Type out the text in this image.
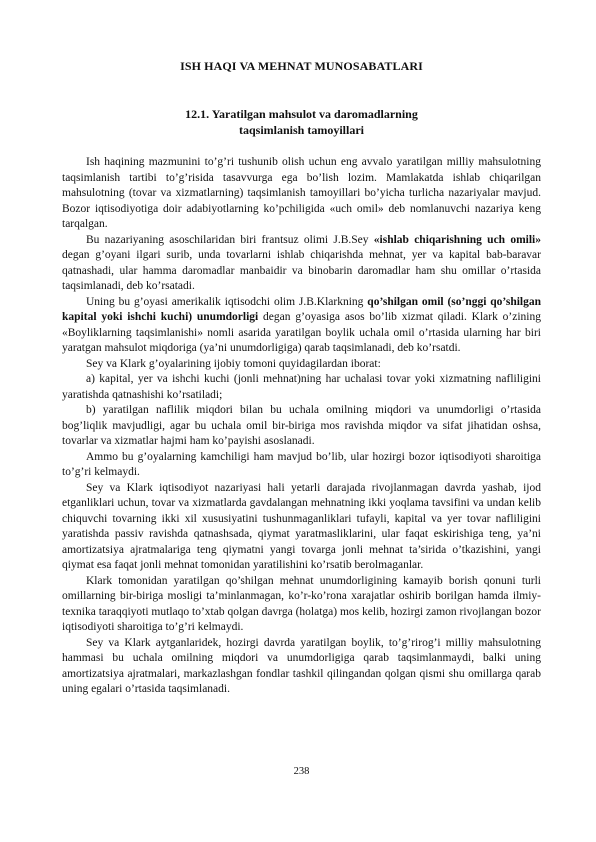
ISH HAQI VA MEHNAT MUNOSABATLARI
12.1. Yaratilgan mahsulot va daromadlarning
taqsimlanish tamoyillari

Ish haqining mazmunini to’g’ri tushunib olish uchun eng avvalo yaratilgan milliy mahsulotning taqsimlanish tartibi to’g’risida tasavvurga ega bo’lish lozim. Mamlakatda ishlab chiqarilgan mahsulotning (tovar va xizmatlarning) taqsimlanish tamoyillari bo’yicha turlicha nazariyalar mavjud. Bozor iqtisodiyotiga doir adabiyotlarning ko’pchiligida «uch omil» deb nomlanuvchi nazariya keng tarqalgan.

Bu nazariyaning asoschilaridan biri frantsuz olimi J.B.Sey «ishlab chiqarishning uch omili» degan g’oyani ilgari surib, unda tovarlarni ishlab chiqarishda mehnat, yer va kapital bab-baravar qatnashadi, ular hamma daromadlar manbaidir va binobarin daromadlar ham shu omillar o’rtasida taqsimlanadi, deb ko’rsatadi.

Uning bu g’oyasi amerikalik iqtisodchi olim J.B.Klarkning qo’shilgan omil (so’nggi qo’shilgan kapital yoki ishchi kuchi) unumdorligi degan g’oyasiga asos bo’lib xizmat qiladi. Klark o’zining «Boyliklarning taqsimlanishi» nomli asarida yaratilgan boylik uchala omil o’rtasida ularning har biri yaratgan mahsulot miqdoriga (ya’ni unumdorligiga) qarab taqsimlanadi, deb ko’rsatdi.

Sey va Klark g’oyalarining ijobiy tomoni quyidagilardan iborat:

a) kapital, yer va ishchi kuchi (jonli mehnat)ning har uchalasi tovar yoki xizmatning nafliligini yaratishda qatnashishi ko’rsatiladi;

b) yaratilgan naflilik miqdori bilan bu uchala omilning miqdori va unumdorligi o’rtasida bog’liqlik mavjudligi, agar bu uchala omil bir-biriga mos ravishda miqdor va sifat jihatidan oshsa, tovarlar va xizmatlar hajmi ham ko’payishi asoslanadi.

Ammo bu g’oyalarning kamchiligi ham mavjud bo’lib, ular hozirgi bozor iqtisodiyoti sharoitiga to’g’ri kelmaydi.

Sey va Klark iqtisodiyot nazariyasi hali yetarli darajada rivojlanmagan davrda yashab, ijod etganliklari uchun, tovar va xizmatlarda gavdalangan mehnatning ikki yoqlama tavsifini va undan kelib chiquvchi tovarning ikki xil xususiyatini tushunmaganliklari tufayli, kapital va yer tovar nafliligini yaratishda passiv ravishda qatnashsada, qiymat yaratmasliklarini, ular faqat eskirishiga teng, ya’ni amortizatsiya ajratmalariga teng qiymatni yangi tovarga jonli mehnat ta’sirida o’tkazishini, yangi qiymat esa faqat jonli mehnat tomonidan yaratilishini ko’rsatib berolmaganlar.

Klark tomonidan yaratilgan qo’shilgan mehnat unumdorligining kamayib borish qonuni turli omillarning bir-biriga mosligi ta’minlanmagan, ko’r-ko’rona xarajatlar oshirib borilgan hamda ilmiy-texnika taraqqiyoti mutlaqo to’xtab qolgan davrga (holatga) mos kelib, hozirgi zamon rivojlangan bozor iqtisodiyoti sharoitiga to’g’ri kelmaydi.

Sey va Klark aytganlaridek, hozirgi davrda yaratilgan boylik, to’g’rirog’i milliy mahsulotning hammasi bu uchala omilning miqdori va unumdorligiga qarab taqsimlanmaydi, balki uning amortizatsiya ajratmalari, markazlashgan fondlar tashkil qilingandan qolgan qismi shu omillarga qarab uning egalari o’rtasida taqsimlanadi.

238
